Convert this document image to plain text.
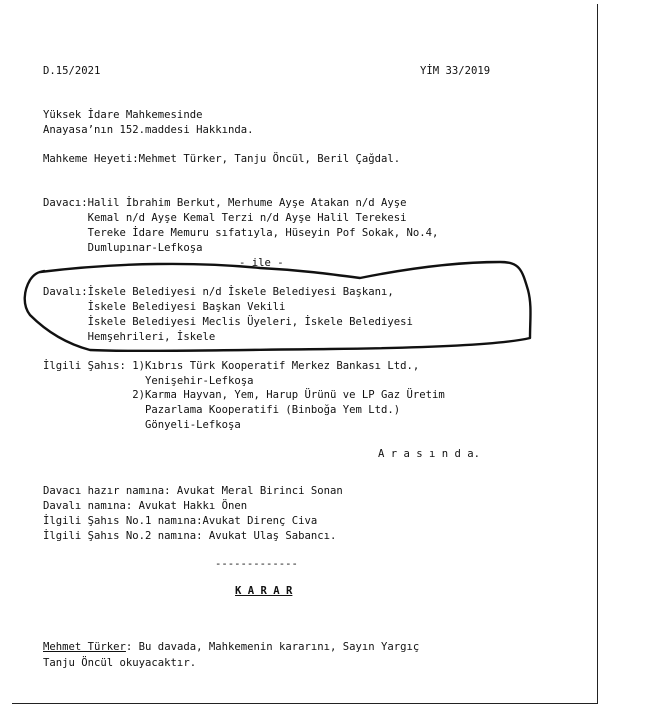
D.15/2021	YİM 33/2019
Yüksek İdare Mahkemesinde
Anayasa’nın 152.maddesi Hakkında.
Mahkeme Heyeti:Mehmet Türker, Tanju Öncül, Beril Çağdal.
Davacı:Halil İbrahim Berkut, Merhume Ayşe Atakan n/d Ayşe
Kemal n/d Ayşe Kemal Terzi n/d Ayşe Halil Terekesi
Tereke İdare Memuru sıfatıyla, Hüseyin Pof Sokak, No.4,
Dumlupınar-Lefkoşa
- ile -
Davalı:İskele Belediyesi n/d İskele Belediyesi Başkanı,
İskele Belediyesi Başkan Vekili
İskele Belediyesi Meclis Üyeleri, İskele Belediyesi
Hemşehrileri, İskele
İlgili Şahıs: 1)Kıbrıs Türk Kooperatif Merkez Bankası Ltd.,
Yenişehir-Lefkoşa
2)Karma Hayvan, Yem, Harup Ürünü ve LP Gaz Üretim
Pazarlama Kooperatifi (Binboğa Yem Ltd.)
Gönyeli-Lefkoşa
A r a s ı n d a.
Davacı hazır namına: Avukat Meral Birinci Sonan
Davalı namına: Avukat Hakkı Önen
İlgili Şahıs No.1 namına:Avukat Direnç Civa
İlgili Şahıs No.2 namına: Avukat Ulaş Sabancı.
-------------
K A R A R
Mehmet Türker: Bu davada, Mahkemenin kararını, Sayın Yargıç
Tanju Öncül okuyacaktır.
